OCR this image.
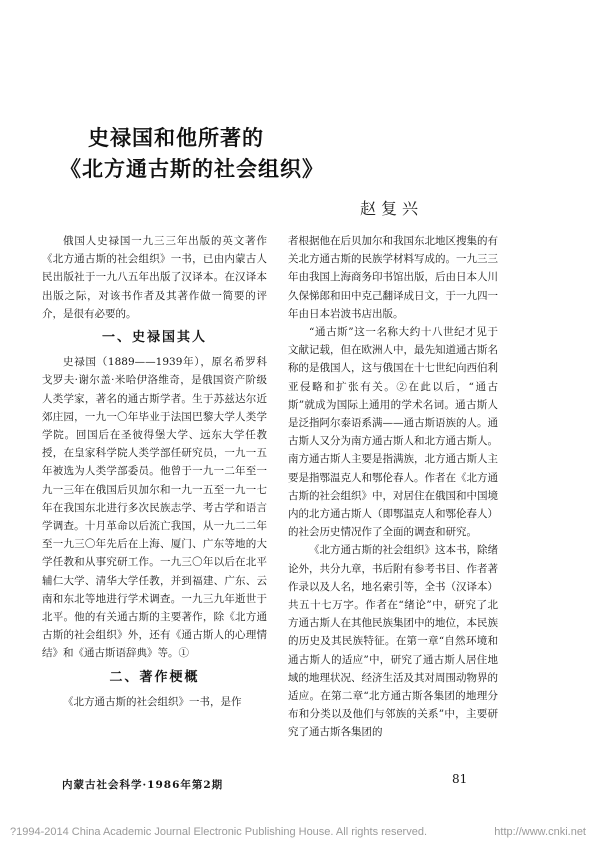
史禄国和他所著的
《北方通古斯的社会组织》
赵复兴

俄国人史禄国一九三三年出版的英文著作《北方通古斯的社会组织》一书，已由内蒙古人民出版社于一九八五年出版了汉译本。在汉译本出版之际，对该书作者及其著作做一简要的评介，是很有必要的。

一、史禄国其人

史禄国（1889——1939年），原名希罗科戈罗夫·谢尔盖·米哈伊洛维奇，是俄国资产阶级人类学家，著名的通古斯学者。生于苏兹达尔近郊庄园，一九一〇年毕业于法国巴黎大学人类学学院。回国后在圣彼得堡大学、远东大学任教授，在皇家科学院人类学部任研究员，一九一五年被选为人类学部委员。他曾于一九一二年至一九一三年在俄国后贝加尔和一九一五至一九一七年在我国东北进行多次民族志学、考古学和语言学调查。十月革命以后流亡我国，从一九二二年至一九三〇年先后在上海、厦门、广东等地的大学任教和从事究研工作。一九三〇年以后在北平辅仁大学、清华大学任教，并到福建、广东、云南和东北等地进行学术调查。一九三九年逝世于北平。他的有关通古斯的主要著作，除《北方通古斯的社会组织》外，还有《通古斯人的心理情结》和《通古斯语辞典》等。①

二、著作梗概

《北方通古斯的社会组织》一书，是作

者根据他在后贝加尔和我国东北地区搜集的有关北方通古斯的民族学材料写成的。一九三三年由我国上海商务印书馆出版，后由日本人川久保悌郎和田中克己翻译成日文，于一九四一年由日本岩波书店出版。

“通古斯”这一名称大约十八世纪才见于文献记载，但在欧洲人中，最先知道通古斯名称的是俄国人，这与俄国在十七世纪向西伯利亚侵略和扩张有关。②在此以后，“通古斯”就成为国际上通用的学术名词。通古斯人是泛指阿尔泰语系满——通古斯语族的人。通古斯人又分为南方通古斯人和北方通古斯人。南方通古斯人主要是指满族，北方通古斯人主要是指鄂温克人和鄂伦春人。作者在《北方通古斯的社会组织》中，对居住在俄国和中国境内的北方通古斯人（即鄂温克人和鄂伦春人）的社会历史情况作了全面的调查和研究。

《北方通古斯的社会组织》这本书，除绪论外，共分九章，书后附有参考书目、作者著作录以及人名，地名索引等，全书（汉译本）共五十七万字。作者在“绪论”中，研究了北方通古斯人在其他民族集团中的地位，本民族的历史及其民族特征。在第一章“自然环境和通古斯人的适应”中，研究了通古斯人居住地域的地理状况、经济生活及其对周围动物界的适应。在第二章“北方通古斯各集团的地理分布和分类以及他们与邻族的关系”中，主要研究了通古斯各集团的

内蒙古社会科学·1986年第2期	81
?1994-2014 China Academic Journal Electronic Publishing House. All rights reserved.	http://www.cnki.net
